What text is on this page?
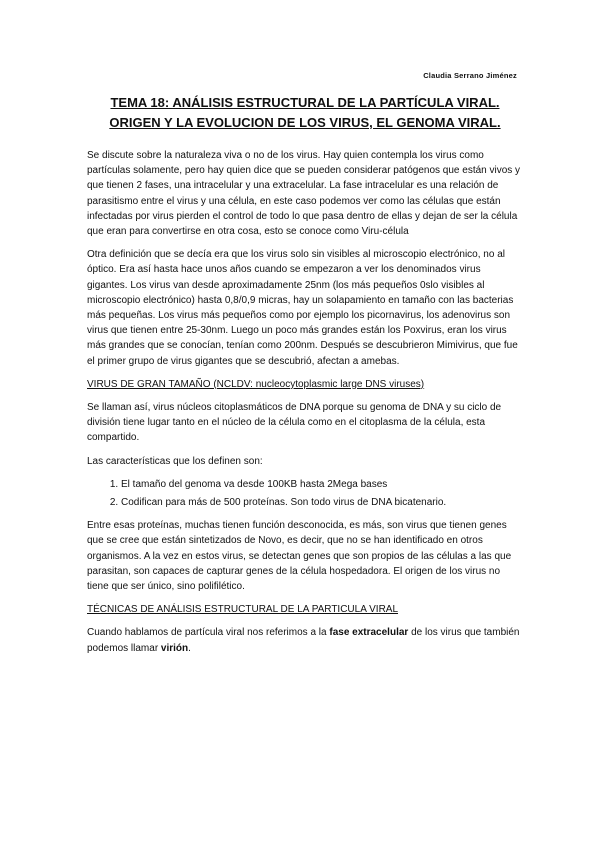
Claudia Serrano Jiménez
TEMA 18: ANÁLISIS ESTRUCTURAL DE LA PARTÍCULA VIRAL.
ORIGEN Y LA EVOLUCION DE LOS VIRUS, EL GENOMA VIRAL.

Se discute sobre la naturaleza viva o no de los virus. Hay quien contempla los virus como partículas solamente, pero hay quien dice que se pueden considerar patógenos que están vivos y que tienen 2 fases, una intracelular y una extracelular. La fase intracelular es una relación de parasitismo entre el virus y una célula, en este caso podemos ver como las células que están infectadas por virus pierden el control de todo lo que pasa dentro de ellas y dejan de ser la célula que eran para convertirse en otra cosa, esto se conoce como Viru-célula

Otra definición que se decía era que los virus solo sin visibles al microscopio electrónico, no al óptico. Era así hasta hace unos años cuando se empezaron a ver los denominados virus gigantes. Los virus van desde aproximadamente 25nm (los más pequeños 0slo visibles al microscopio electrónico) hasta 0,8/0,9 micras, hay un solapamiento en tamaño con las bacterias más pequeñas. Los virus más pequeños como por ejemplo los picornavirus, los adenovirus son virus que tienen entre 25-30nm. Luego un poco más grandes están los Poxvirus, eran los virus más grandes que se conocían, tenían como 200nm. Después se descubrieron Mimivirus, que fue el primer grupo de virus gigantes que se descubrió, afectan a amebas.

VIRUS DE GRAN TAMAÑO (NCLDV: nucleocytoplasmic large DNS viruses)

Se llaman así, virus núcleos citoplasmáticos de DNA porque su genoma de DNA y su ciclo de división tiene lugar tanto en el núcleo de la célula como en el citoplasma de la célula, esta compartido.

Las características que los definen son:

1. El tamaño del genoma va desde 100KB hasta 2Mega bases
2. Codifican para más de 500 proteínas. Son todo virus de DNA bicatenario.

Entre esas proteínas, muchas tienen función desconocida, es más, son virus que tienen genes que se cree que están sintetizados de Novo, es decir, que no se han identificado en otros organismos. A la vez en estos virus, se detectan genes que son propios de las células a las que parasitan, son capaces de capturar genes de la célula hospedadora. El origen de los virus no tiene que ser único, sino polifilético.

TÉCNICAS DE ANÁLISIS ESTRUCTURAL DE LA PARTICULA VIRAL

Cuando hablamos de partícula viral nos referimos a la fase extracelular de los virus que también podemos llamar virión.
